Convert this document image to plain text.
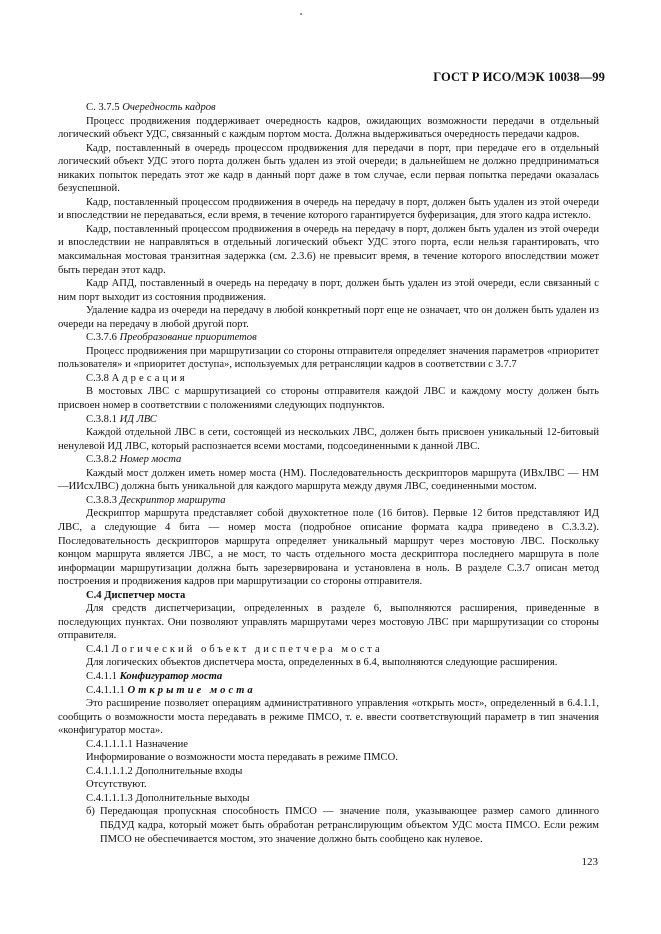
ГОСТ Р ИСО/МЭК 10038—99

С. 3.7.5 Очередность кадров

Процесс продвижения поддерживает очередность кадров, ожидающих возможности передачи в отдельный логический объект УДС, связанный с каждым портом моста. Должна выдерживаться очередность передачи кадров.

Кадр, поставленный в очередь процессом продвижения для передачи в порт, при передаче его в отдельный логический объект УДС этого порта должен быть удален из этой очереди; в дальнейшем не должно предприниматься никаких попыток передать этот же кадр в данный порт даже в том случае, если первая попытка передачи оказалась безуспешной.

Кадр, поставленный процессом продвижения в очередь на передачу в порт, должен быть удален из этой очереди и впоследствии не передаваться, если время, в течение которого гарантируется буферизация, для этого кадра истекло.

Кадр, поставленный процессом продвижения в очередь на передачу в порт, должен быть удален из этой очереди и впоследствии не направляться в отдельный логический объект УДС этого порта, если нельзя гарантировать, что максимальная мостовая транзитная задержка (см. 2.3.6) не превысит время, в течение которого впоследствии может быть передан этот кадр.

Кадр АПД, поставленный в очередь на передачу в порт, должен быть удален из этой очереди, если связанный с ним порт выходит из состояния продвижения.

Удаление кадра из очереди на передачу в любой конкретный порт еще не означает, что он должен быть удален из очереди на передачу в любой другой порт.

С.3.7.6 Преобразование приоритетов

Процесс продвижения при маршрутизации со стороны отправителя определяет значения параметров «приоритет пользователя» и «приоритет доступа», используемых для ретрансляции кадров в соответствии с 3.7.7

С.3.8 Адресация

В мостовых ЛВС с маршрутизацией со стороны отправителя каждой ЛВС и каждому мосту должен быть присвоен номер в соответствии с положениями следующих подпунктов.

С.3.8.1 ИД ЛВС

Каждой отдельной ЛВС в сети, состоящей из нескольких ЛВС, должен быть присвоен уникальный 12-битовый ненулевой ИД ЛВС, который распознается всеми мостами, подсоединенными к данной ЛВС.

С.3.8.2 Номер моста

Каждый мост должен иметь номер моста (НМ). Последовательность дескрипторов маршрута (ИВхЛВС — НМ—ИИсхЛВС) должна быть уникальной для каждого маршрута между двумя ЛВС, соединенными мостом.

С.3.8.3 Дескриптор маршрута

Дескриптор маршрута представляет собой двухоктетное поле (16 битов). Первые 12 битов представляют ИД ЛВС, а следующие 4 бита — номер моста (подробное описание формата кадра приведено в С.3.3.2). Последовательность дескрипторов маршрута определяет уникальный маршрут через мостовую ЛВС. Поскольку концом маршрута является ЛВС, а не мост, то часть отдельного моста дескриптора последнего маршрута в поле информации маршрутизации должна быть зарезервирована и установлена в ноль. В разделе С.3.7 описан метод построения и продвижения кадров при маршрутизации со стороны отправителя.

С.4 Диспетчер моста

Для средств диспетчеризации, определенных в разделе 6, выполняются расширения, приведенные в последующих пунктах. Они позволяют управлять маршрутами через мостовую ЛВС при маршрутизации со стороны отправителя.

С.4.1 Логический объект диспетчера моста

Для логических объектов диспетчера моста, определенных в 6.4, выполняются следующие расширения.

С.4.1.1 Конфигуратор моста

С.4.1.1.1 Открытие моста

Это расширение позволяет операциям административного управления «открыть мост», определенный в 6.4.1.1, сообщить о возможности моста передавать в режиме ПМСО, т. е. ввести соответствующий параметр в тип значения «конфигуратор моста».

С.4.1.1.1.1 Назначение

Информирование о возможности моста передавать в режиме ПМСО.

С.4.1.1.1.2 Дополнительные входы

Отсутствуют.

С.4.1.1.1.3 Дополнительные выходы

б) Передающая пропускная способность ПМСО — значение поля, указывающее размер самого длинного ПБДУД кадра, который может быть обработан ретранслирующим объектом УДС моста ПМСО. Если режим ПМСО не обеспечивается мостом, это значение должно быть сообщено как нулевое.
123
